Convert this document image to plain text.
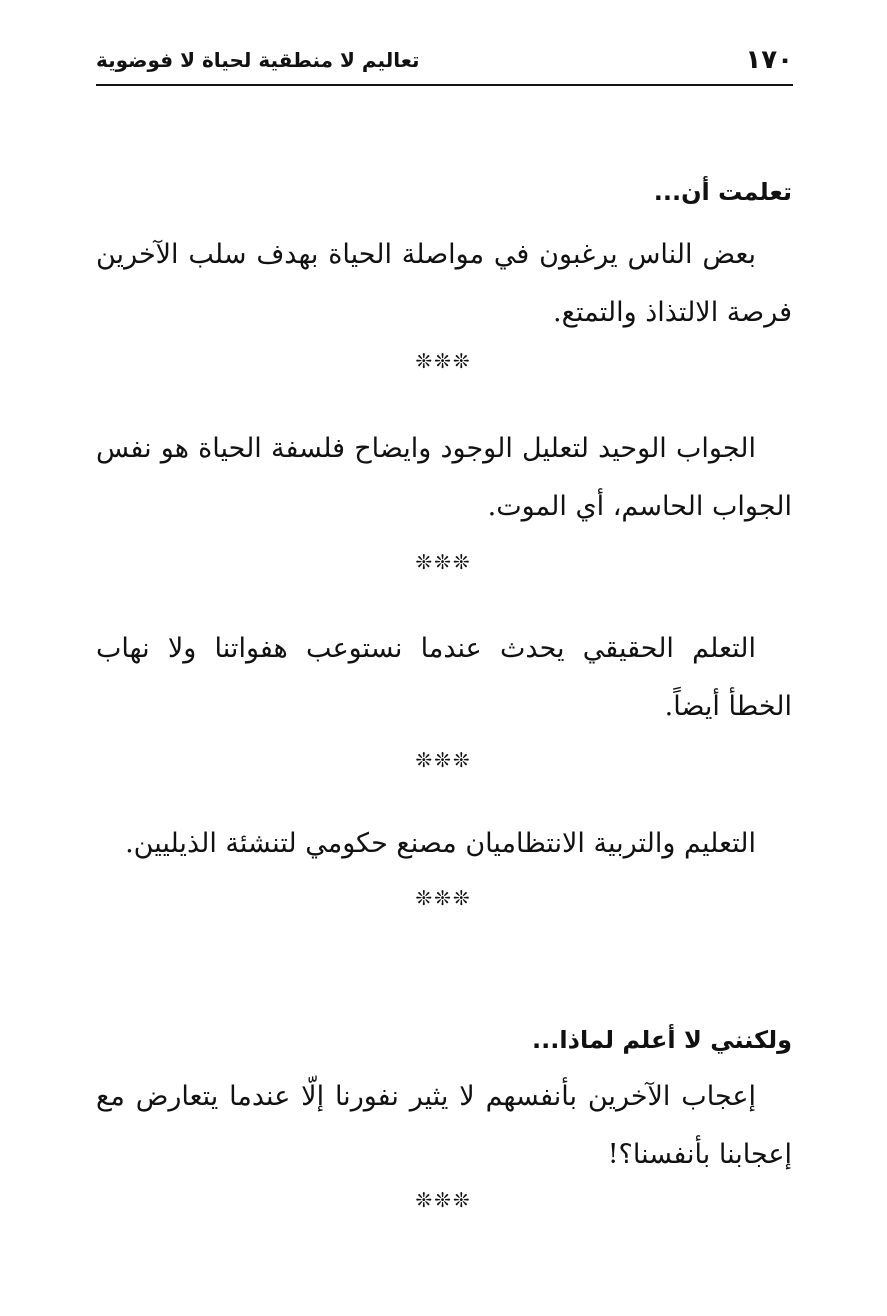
١٧٠
تعاليم لا منطقية لحياة لا فوضوية
تعلمت أن...

بعض الناس يرغبون في مواصلة الحياة بهدف سلب الآخرين فرصة الالتذاذ والتمتع.

❊❊❊

الجواب الوحيد لتعليل الوجود وايضاح فلسفة الحياة هو نفس الجواب الحاسم، أي الموت.

❊❊❊

التعلم الحقيقي يحدث عندما نستوعب هفواتنا ولا نهاب الخطأ أيضاً.

❊❊❊

التعليم والتربية الانتظاميان مصنع حكومي لتنشئة الذيليين.

❊❊❊
ولكنني لا أعلم لماذا...

إعجاب الآخرين بأنفسهم لا يثير نفورنا إلّا عندما يتعارض مع إعجابنا بأنفسنا؟!

❊❊❊
